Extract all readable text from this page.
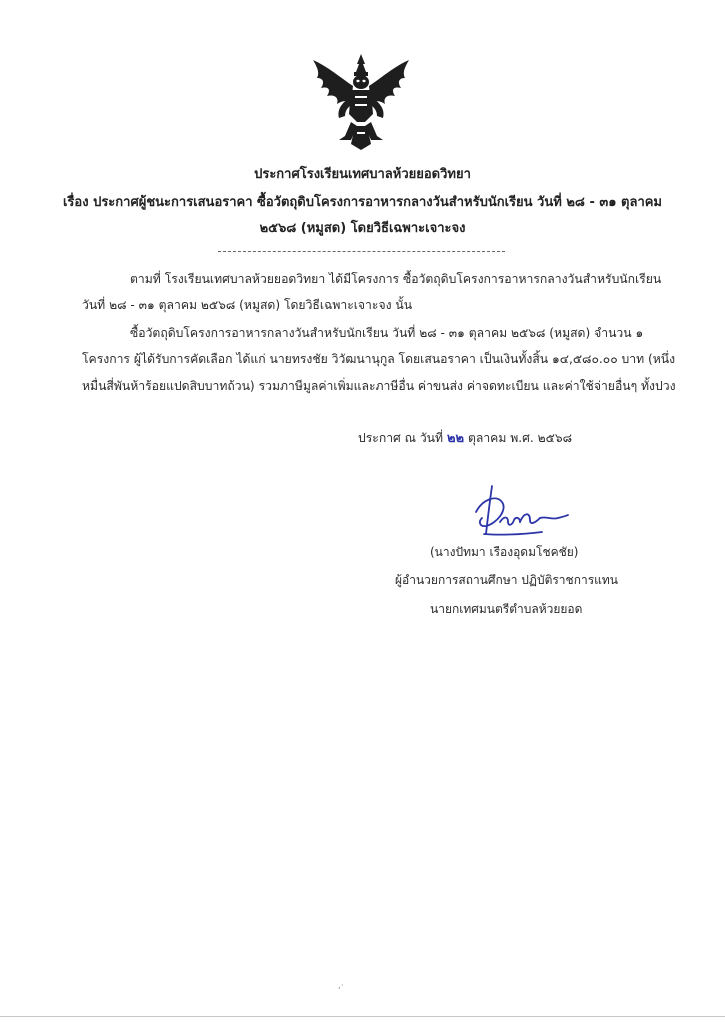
ประกาศโรงเรียนเทศบาลห้วยยอดวิทยา
เรื่อง ประกาศผู้ชนะการเสนอราคา ซื้อวัตถุดิบโครงการอาหารกลางวันสำหรับนักเรียน วันที่ ๒๘ - ๓๑ ตุลาคม
๒๕๖๘ (หมูสด) โดยวิธีเฉพาะเจาะจง
ตามที่ โรงเรียนเทศบาลห้วยยอดวิทยา ได้มีโครงการ ซื้อวัตถุดิบโครงการอาหารกลางวันสำหรับนักเรียน
วันที่ ๒๘ - ๓๑ ตุลาคม ๒๕๖๘ (หมูสด) โดยวิธีเฉพาะเจาะจง นั้น
ซื้อวัตถุดิบโครงการอาหารกลางวันสำหรับนักเรียน วันที่ ๒๘ - ๓๑ ตุลาคม ๒๕๖๘ (หมูสด) จำนวน ๑
โครงการ ผู้ได้รับการคัดเลือก ได้แก่ นายทรงชัย วิวัฒนานุกูล โดยเสนอราคา เป็นเงินทั้งสิ้น ๑๔,๕๘๐.๐๐ บาท (หนึ่ง
หมื่นสี่พันห้าร้อยแปดสิบบาทถ้วน) รวมภาษีมูลค่าเพิ่มและภาษีอื่น ค่าขนส่ง ค่าจดทะเบียน และค่าใช้จ่ายอื่นๆ ทั้งปวง
ประกาศ ณ วันที่ ๒๒ ตุลาคม พ.ศ. ๒๕๖๘
(นางปัทมา เรืองอุดมโชคชัย)
ผู้อำนวยการสถานศึกษา ปฏิบัติราชการแทน
นายกเทศมนตรีตำบลห้วยยอด
,·
